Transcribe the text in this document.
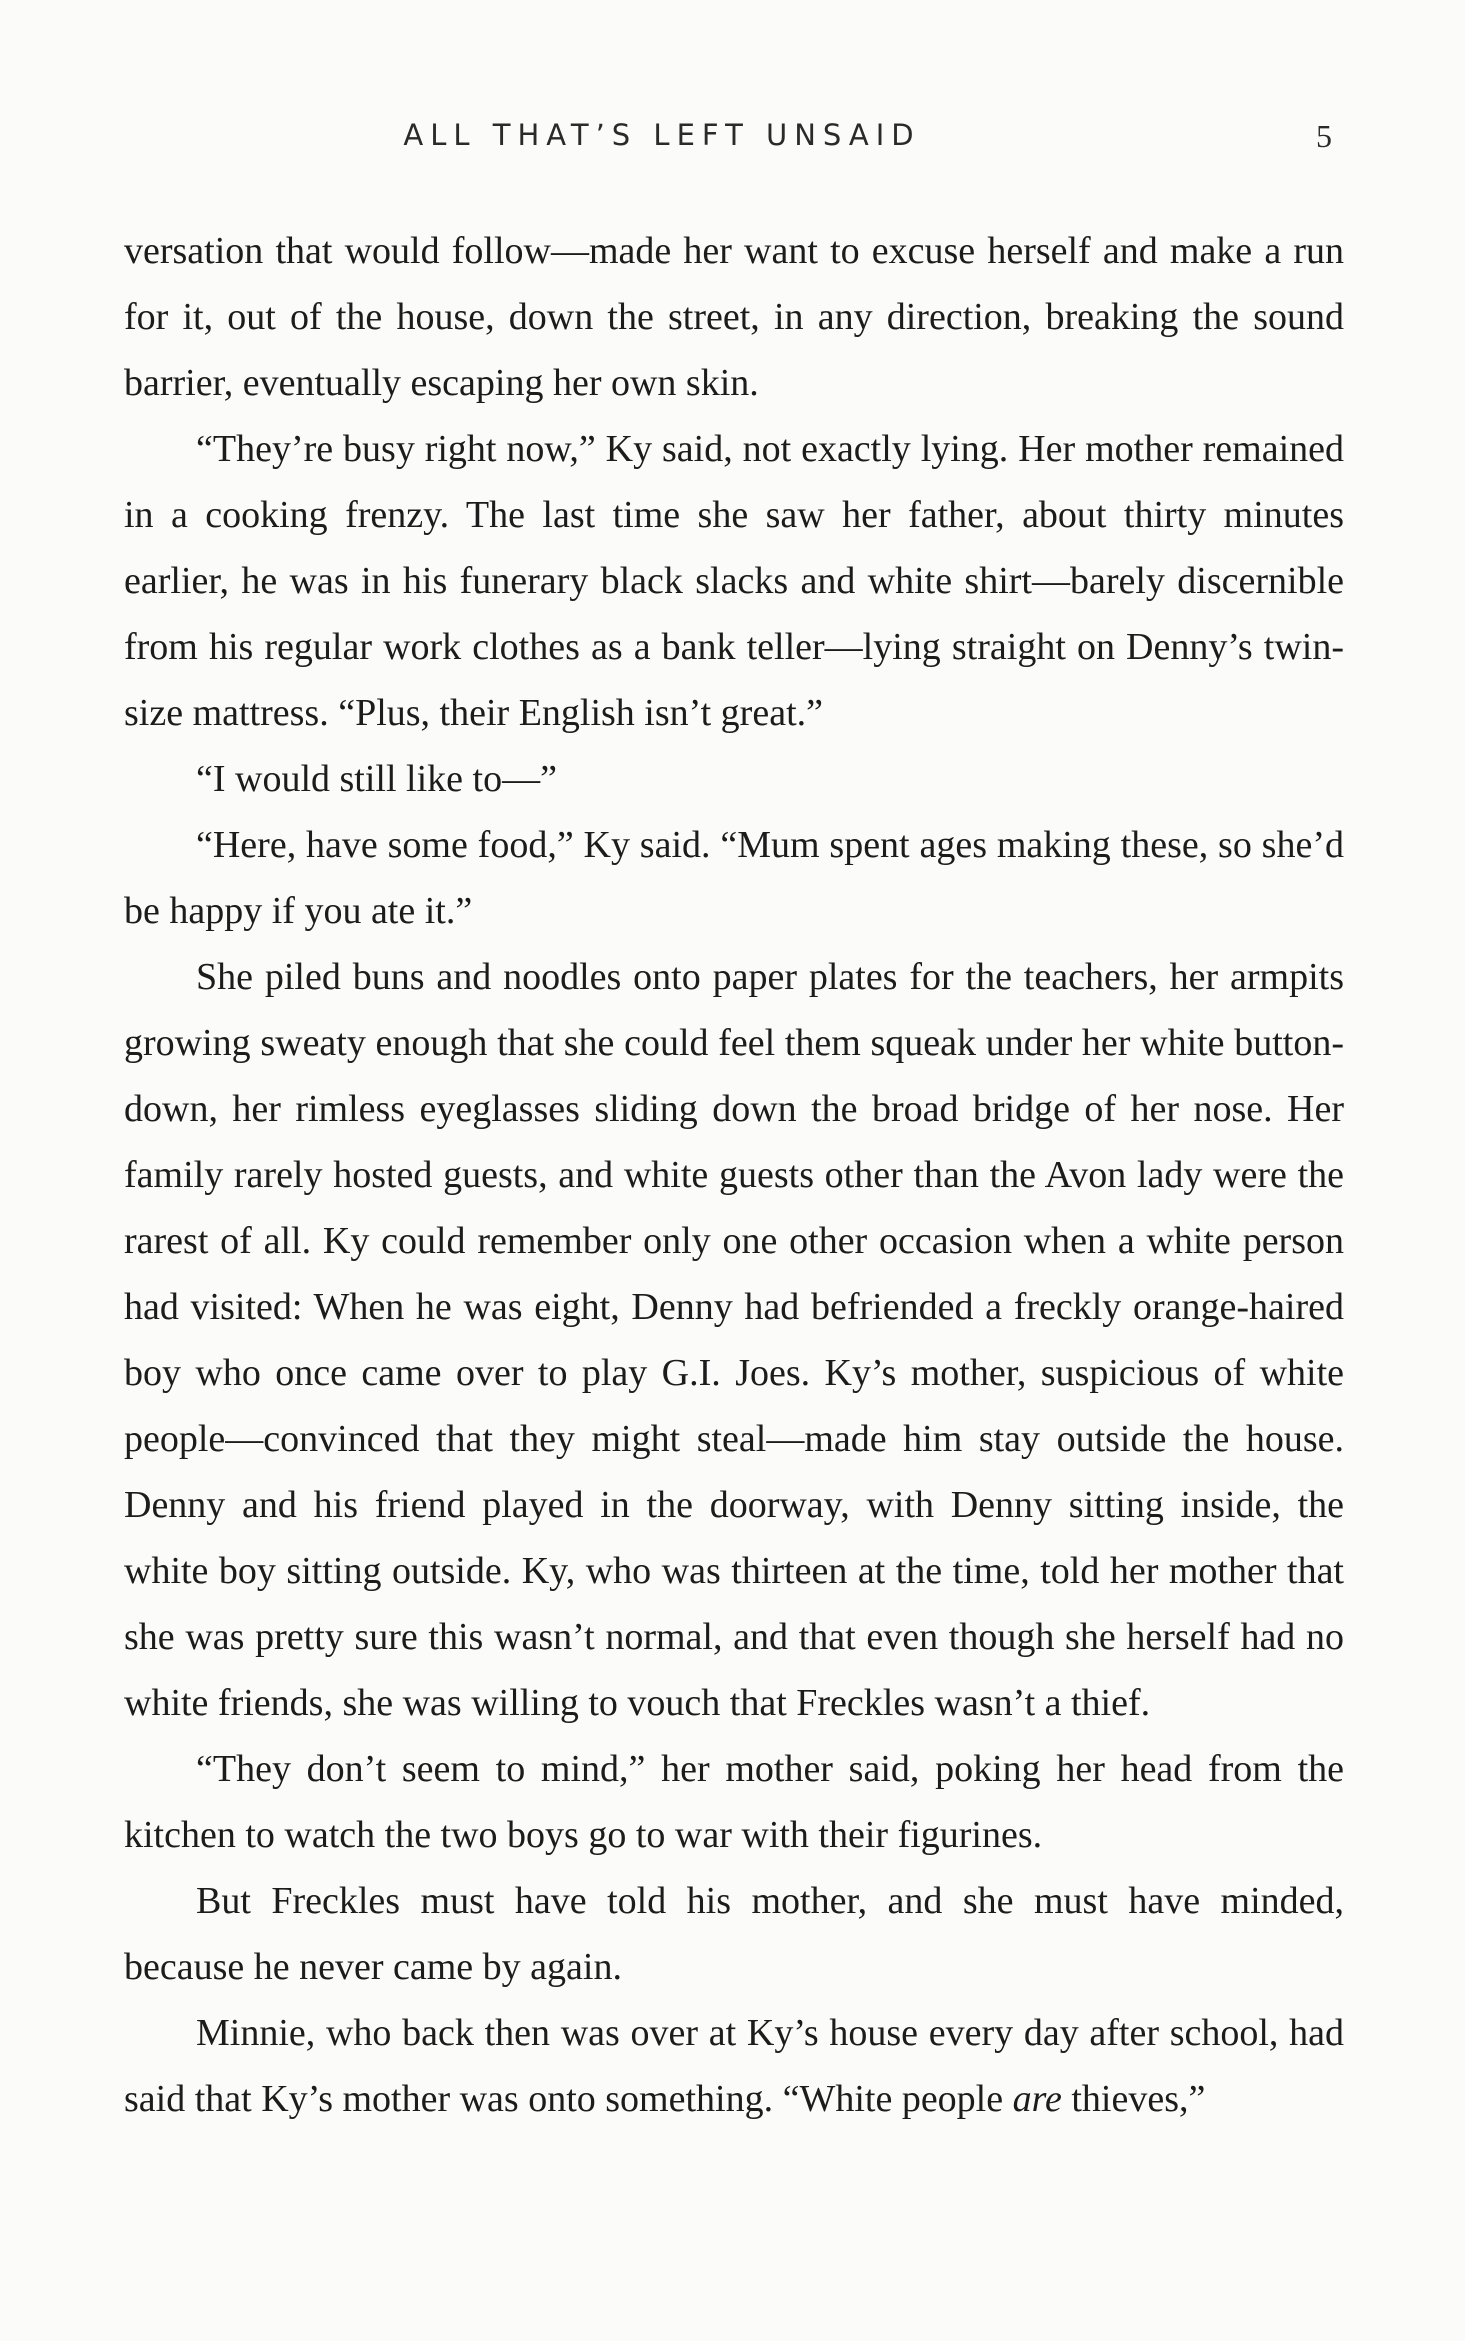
ALL THAT’S LEFT UNSAID	5

versation that would follow—made her want to excuse herself and make a run for it, out of the house, down the street, in any direction, breaking the sound barrier, eventually escaping her own skin.

“They’re busy right now,” Ky said, not exactly lying. Her mother remained in a cooking frenzy. The last time she saw her father, about thirty minutes earlier, he was in his funerary black slacks and white shirt—barely discernible from his regular work clothes as a bank teller—lying straight on Denny’s twin-size mattress. “Plus, their English isn’t great.”

“I would still like to—”

“Here, have some food,” Ky said. “Mum spent ages making these, so she’d be happy if you ate it.”

She piled buns and noodles onto paper plates for the teachers, her armpits growing sweaty enough that she could feel them squeak under her white button-down, her rimless eyeglasses sliding down the broad bridge of her nose. Her family rarely hosted guests, and white guests other than the Avon lady were the rarest of all. Ky could remember only one other occasion when a white person had visited: When he was eight, Denny had befriended a freckly orange-haired boy who once came over to play G.I. Joes. Ky’s mother, suspicious of white people—convinced that they might steal—made him stay outside the house. Denny and his friend played in the doorway, with Denny sitting inside, the white boy sitting outside. Ky, who was thirteen at the time, told her mother that she was pretty sure this wasn’t normal, and that even though she herself had no white friends, she was willing to vouch that Freckles wasn’t a thief.

“They don’t seem to mind,” her mother said, poking her head from the kitchen to watch the two boys go to war with their figurines.

But Freckles must have told his mother, and she must have minded, because he never came by again.

Minnie, who back then was over at Ky’s house every day after school, had said that Ky’s mother was onto something. “White people are thieves,”
